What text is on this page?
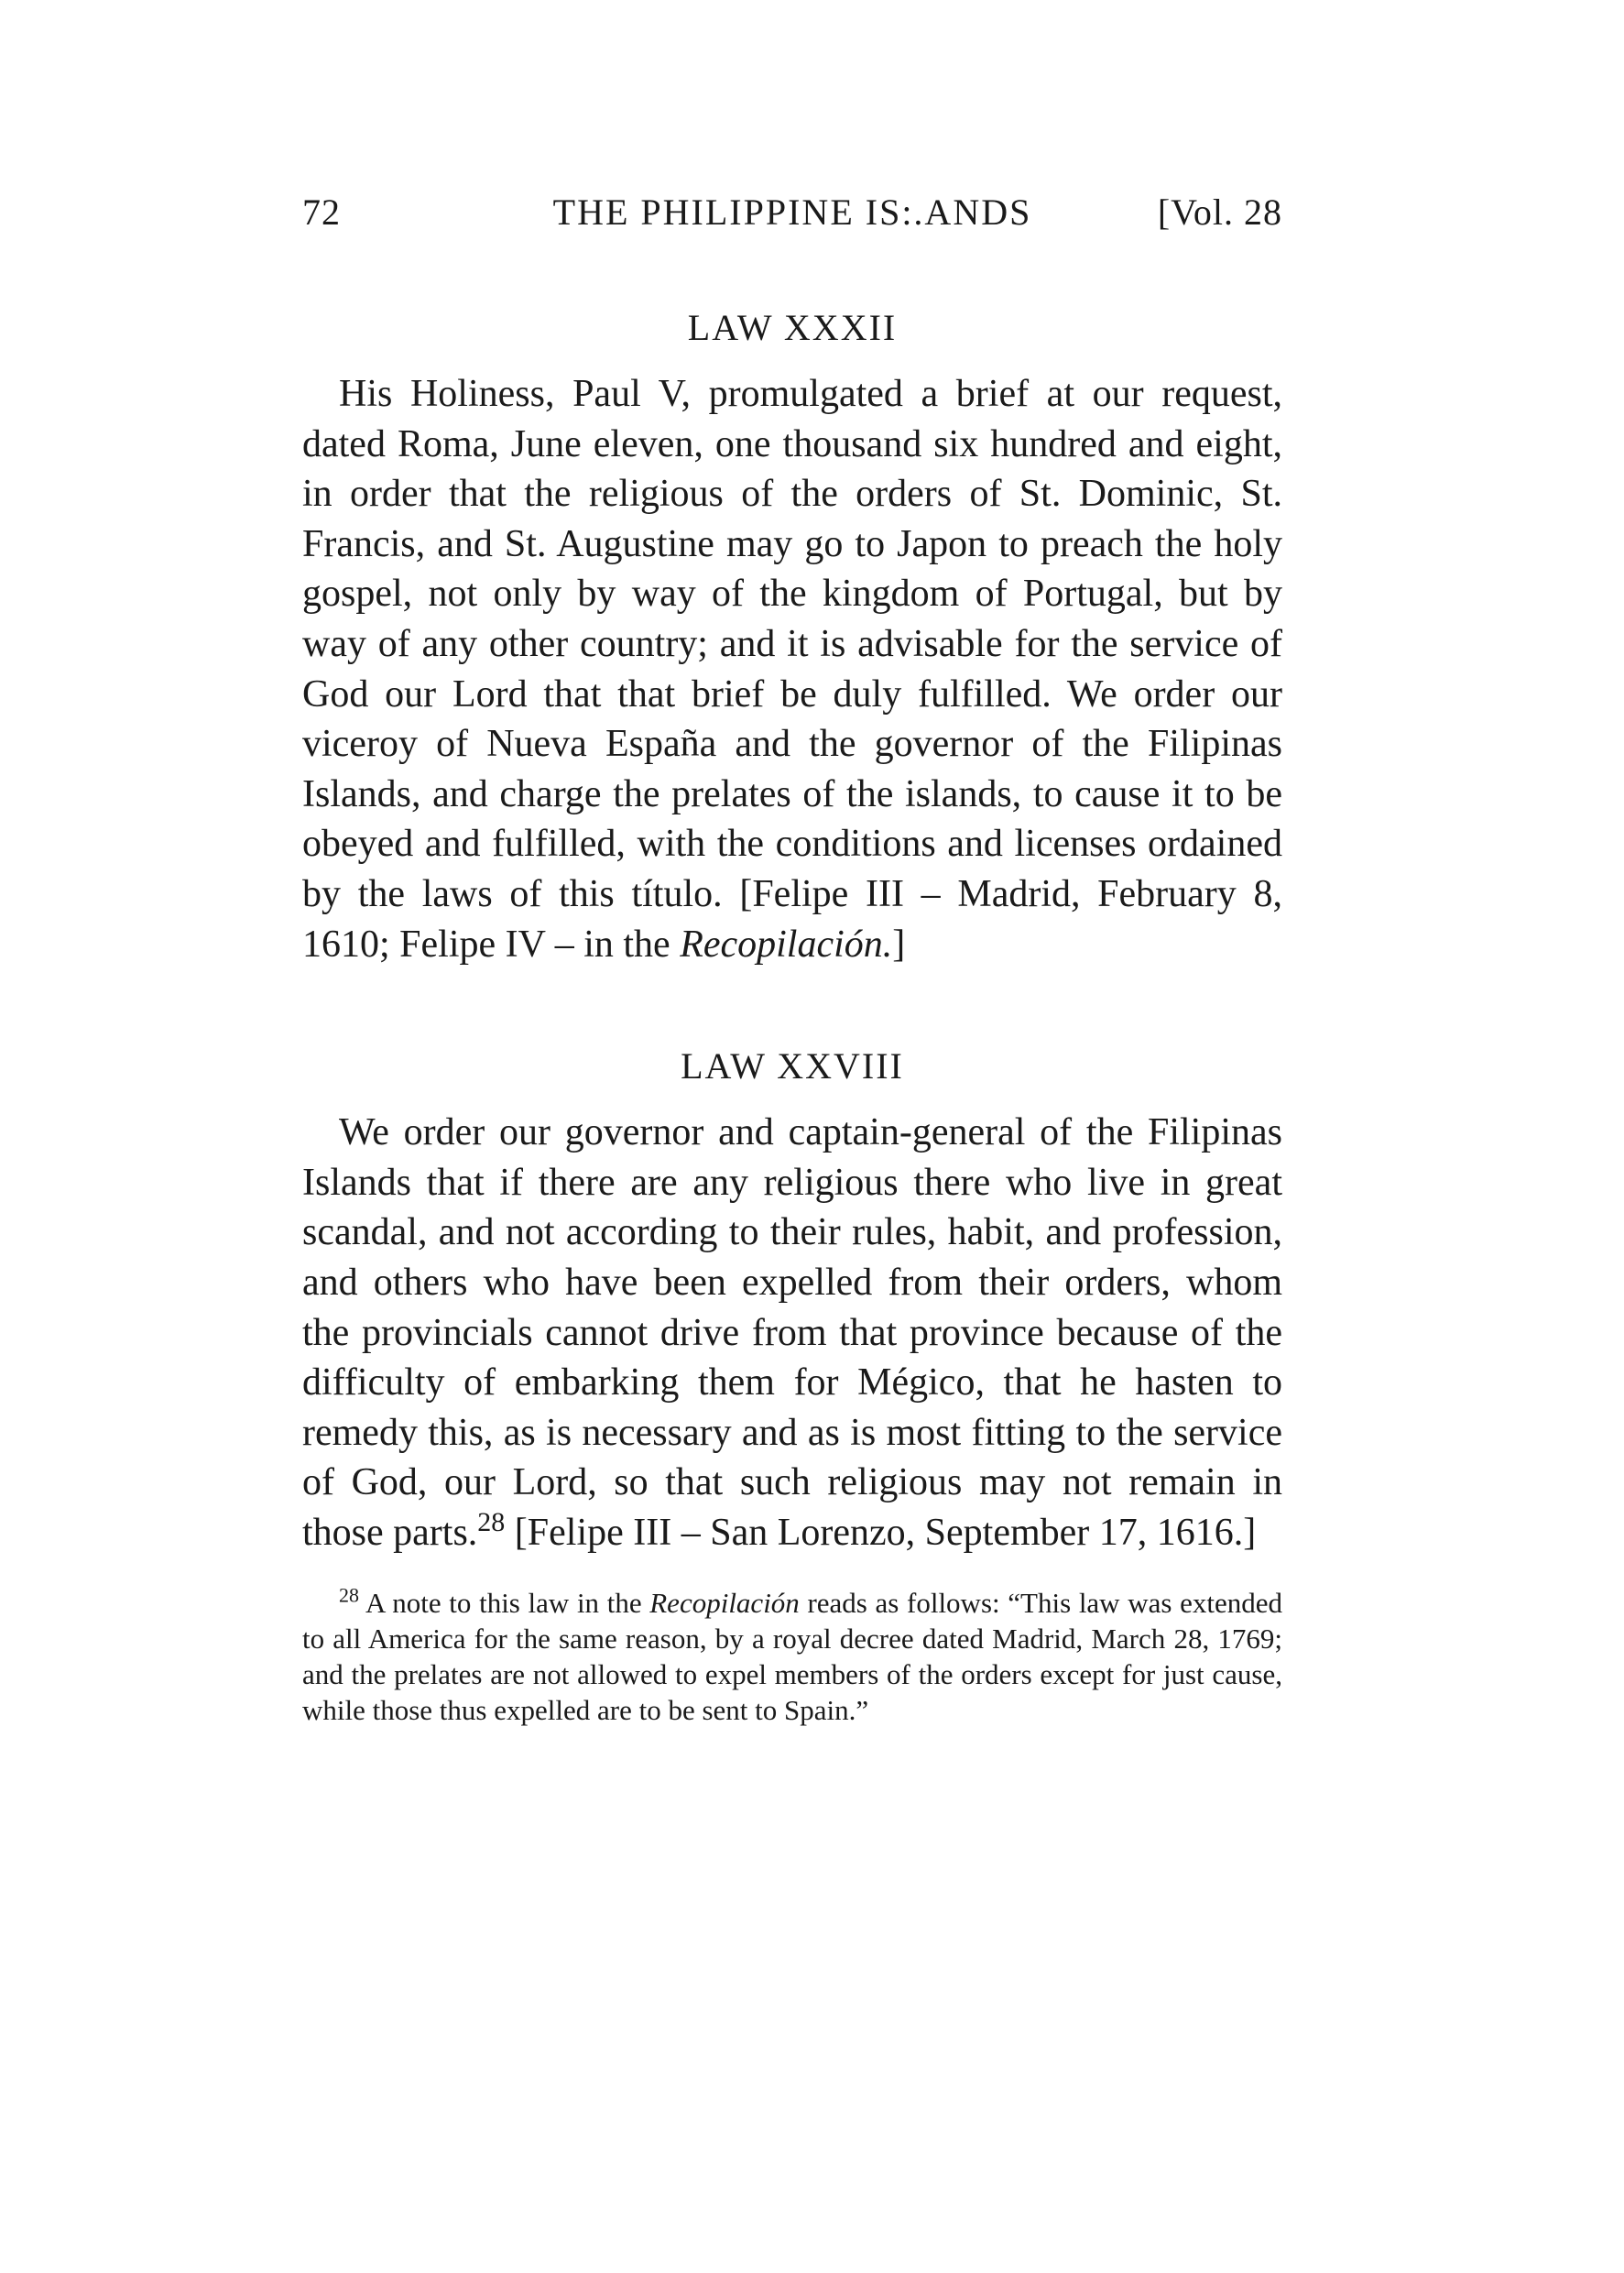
72	THE PHILIPPINE IS:.ANDS	[Vol. 28
LAW XXXII

His Holiness, Paul V, promulgated a brief at our request, dated Roma, June eleven, one thousand six hundred and eight, in order that the religious of the orders of St. Dominic, St. Francis, and St. Augustine may go to Japon to preach the holy gospel, not only by way of the kingdom of Portugal, but by way of any other country; and it is advisable for the service of God our Lord that that brief be duly fulfilled. We order our viceroy of Nueva España and the governor of the Filipinas Islands, and charge the prelates of the islands, to cause it to be obeyed and fulfilled, with the conditions and licenses ordained by the laws of this título. [Felipe III – Madrid, February 8, 1610; Felipe IV – in the Recopilación.]

LAW XXVIII

We order our governor and captain-general of the Filipinas Islands that if there are any religious there who live in great scandal, and not according to their rules, habit, and profession, and others who have been expelled from their orders, whom the provincials cannot drive from that province because of the difficulty of embarking them for Mégico, that he hasten to remedy this, as is necessary and as is most fitting to the service of God, our Lord, so that such religious may not remain in those parts.$^{28}$ [Felipe III – San Lorenzo, September 17, 1616.]

$^{28}$ A note to this law in the Recopilación reads as follows: “This law was extended to all America for the same reason, by a royal decree dated Madrid, March 28, 1769; and the prelates are not allowed to expel members of the orders except for just cause, while those thus expelled are to be sent to Spain.”
